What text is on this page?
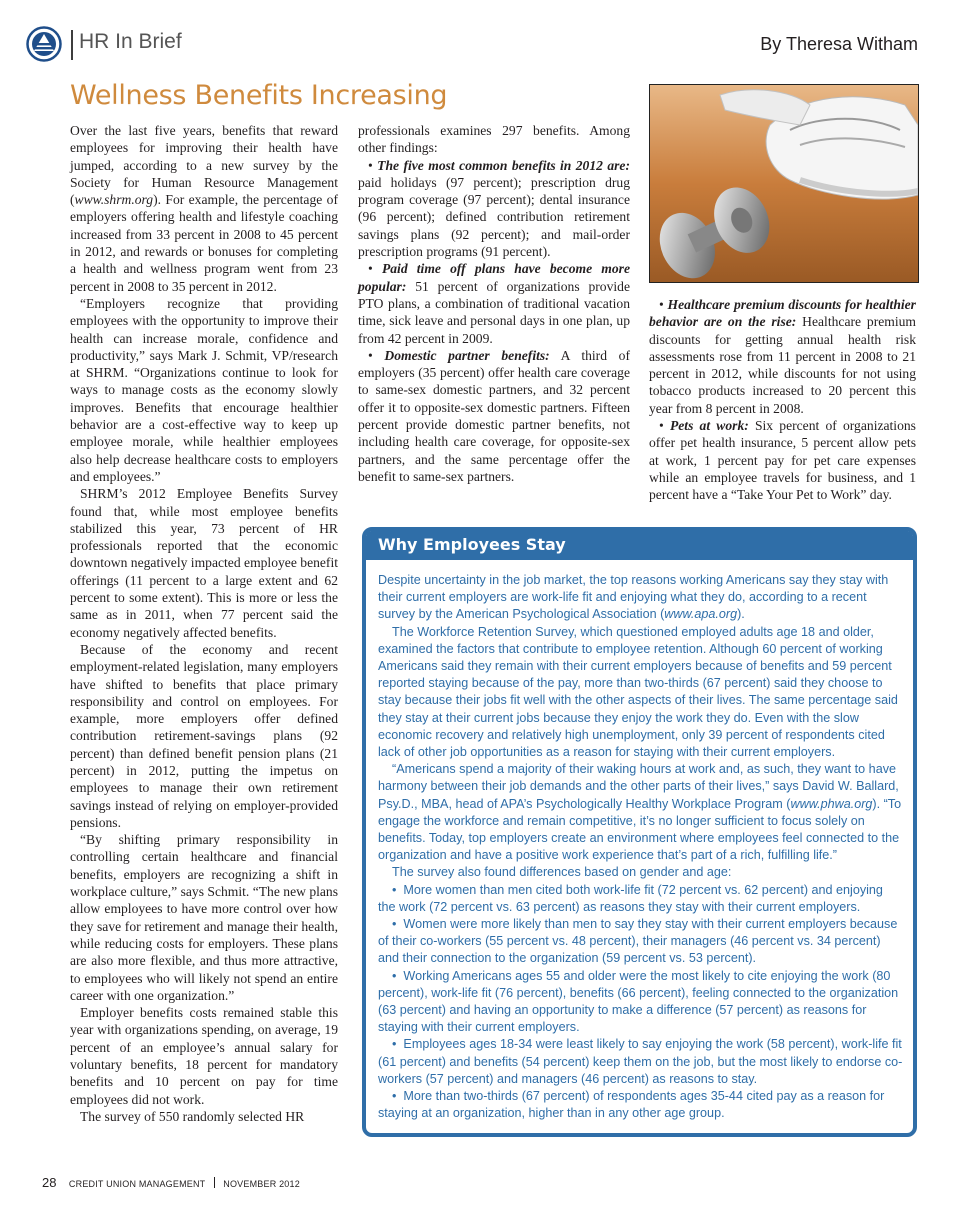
HR In Brief	By Theresa Witham
Wellness Benefits Increasing

Over the last five years, benefits that reward employees for improving their health have jumped, according to a new survey by the Society for Human Resource Management (www.shrm.org). For example, the percentage of employers offering health and lifestyle coaching increased from 33 percent in 2008 to 45 percent in 2012, and rewards or bonuses for completing a health and wellness program went from 23 percent in 2008 to 35 percent in 2012.

“Employers recognize that providing employees with the opportunity to improve their health can increase morale, confidence and productivity,” says Mark J. Schmit, VP/research at SHRM. “Organizations continue to look for ways to manage costs as the economy slowly improves. Benefits that encourage healthier behavior are a cost-effective way to keep up employee morale, while healthier employees also help decrease healthcare costs to employers and employees.”

SHRM’s 2012 Employee Benefits Survey found that, while most employee benefits stabilized this year, 73 percent of HR professionals reported that the economic downtown negatively impacted employee benefit offerings (11 percent to a large extent and 62 percent to some extent). This is more or less the same as in 2011, when 77 percent said the economy negatively affected benefits.

Because of the economy and recent employment-related legislation, many employers have shifted to benefits that place primary responsibility and control on employees. For example, more employers offer defined contribution retirement-savings plans (92 percent) than defined benefit pension plans (21 percent) in 2012, putting the impetus on employees to manage their own retirement savings instead of relying on employer-provided pensions.

“By shifting primary responsibility in controlling certain healthcare and financial benefits, employers are recognizing a shift in workplace culture,” says Schmit. “The new plans allow employees to have more control over how they save for retirement and manage their health, while reducing costs for employers. These plans are also more flexible, and thus more attractive, to employees who will likely not spend an entire career with one organization.”

Employer benefits costs remained stable this year with organizations spending, on average, 19 percent of an employee’s annual salary for voluntary benefits, 18 percent for mandatory benefits and 10 percent on pay for time employees did not work.

The survey of 550 randomly selected HR

professionals examines 297 benefits. Among other findings:

• The five most common benefits in 2012 are: paid holidays (97 percent); prescription drug program coverage (97 percent); dental insurance (96 percent); defined contribution retirement savings plans (92 percent); and mail-order prescription programs (91 percent).

• Paid time off plans have become more popular: 51 percent of organizations provide PTO plans, a combination of traditional vacation time, sick leave and personal days in one plan, up from 42 percent in 2009.

• Domestic partner benefits: A third of employers (35 percent) offer health care coverage to same-sex domestic partners, and 32 percent offer it to opposite-sex domestic partners. Fifteen percent provide domestic partner benefits, not including health care coverage, for opposite-sex partners, and the same percentage offer the benefit to same-sex partners.

• Healthcare premium discounts for healthier behavior are on the rise: Healthcare premium discounts for getting annual health risk assessments rose from 11 percent in 2008 to 21 percent in 2012, while discounts for not using tobacco products increased to 20 percent this year from 8 percent in 2008.

• Pets at work: Six percent of organizations offer pet health insurance, 5 percent allow pets at work, 1 percent pay for pet care expenses while an employee travels for business, and 1 percent have a “Take Your Pet to Work” day.

Why Employees Stay

Despite uncertainty in the job market, the top reasons working Americans say they stay with their current employers are work-life fit and enjoying what they do, according to a recent survey by the American Psychological Association (www.apa.org).

The Workforce Retention Survey, which questioned employed adults age 18 and older, examined the factors that contribute to employee retention. Although 60 percent of working Americans said they remain with their current employers because of benefits and 59 percent reported staying because of the pay, more than two-thirds (67 percent) said they choose to stay because their jobs fit well with the other aspects of their lives. The same percentage said they stay at their current jobs because they enjoy the work they do. Even with the slow economic recovery and relatively high unemployment, only 39 percent of respondents cited lack of other job opportunities as a reason for staying with their current employers.

“Americans spend a majority of their waking hours at work and, as such, they want to have harmony between their job demands and the other parts of their lives,” says David W. Ballard, Psy.D., MBA, head of APA’s Psychologically Healthy Workplace Program (www.phwa.org). “To engage the workforce and remain competitive, it’s no longer sufficient to focus solely on benefits. Today, top employers create an environment where employees feel connected to the organization and have a positive work experience that’s part of a rich, fulfilling life.”

The survey also found differences based on gender and age:

•  More women than men cited both work-life fit (72 percent vs. 62 percent) and enjoying the work (72 percent vs. 63 percent) as reasons they stay with their current employers.

•  Women were more likely than men to say they stay with their current employers because of their co-workers (55 percent vs. 48 percent), their managers (46 percent vs. 34 percent) and their connection to the organization (59 percent vs. 53 percent).

•  Working Americans ages 55 and older were the most likely to cite enjoying the work (80 percent), work-life fit (76 percent), benefits (66 percent), feeling connected to the organization (63 percent) and having an opportunity to make a difference (57 percent) as reasons for staying with their current employers.

•  Employees ages 18-34 were least likely to say enjoying the work (58 percent), work-life fit (61 percent) and benefits (54 percent) keep them on the job, but the most likely to endorse co-workers (57 percent) and managers (46 percent) as reasons to stay.

•  More than two-thirds (67 percent) of respondents ages 35-44 cited pay as a reason for staying at an organization, higher than in any other age group.

28 CREDIT UNION MANAGEMENT NOVEMBER 2012
